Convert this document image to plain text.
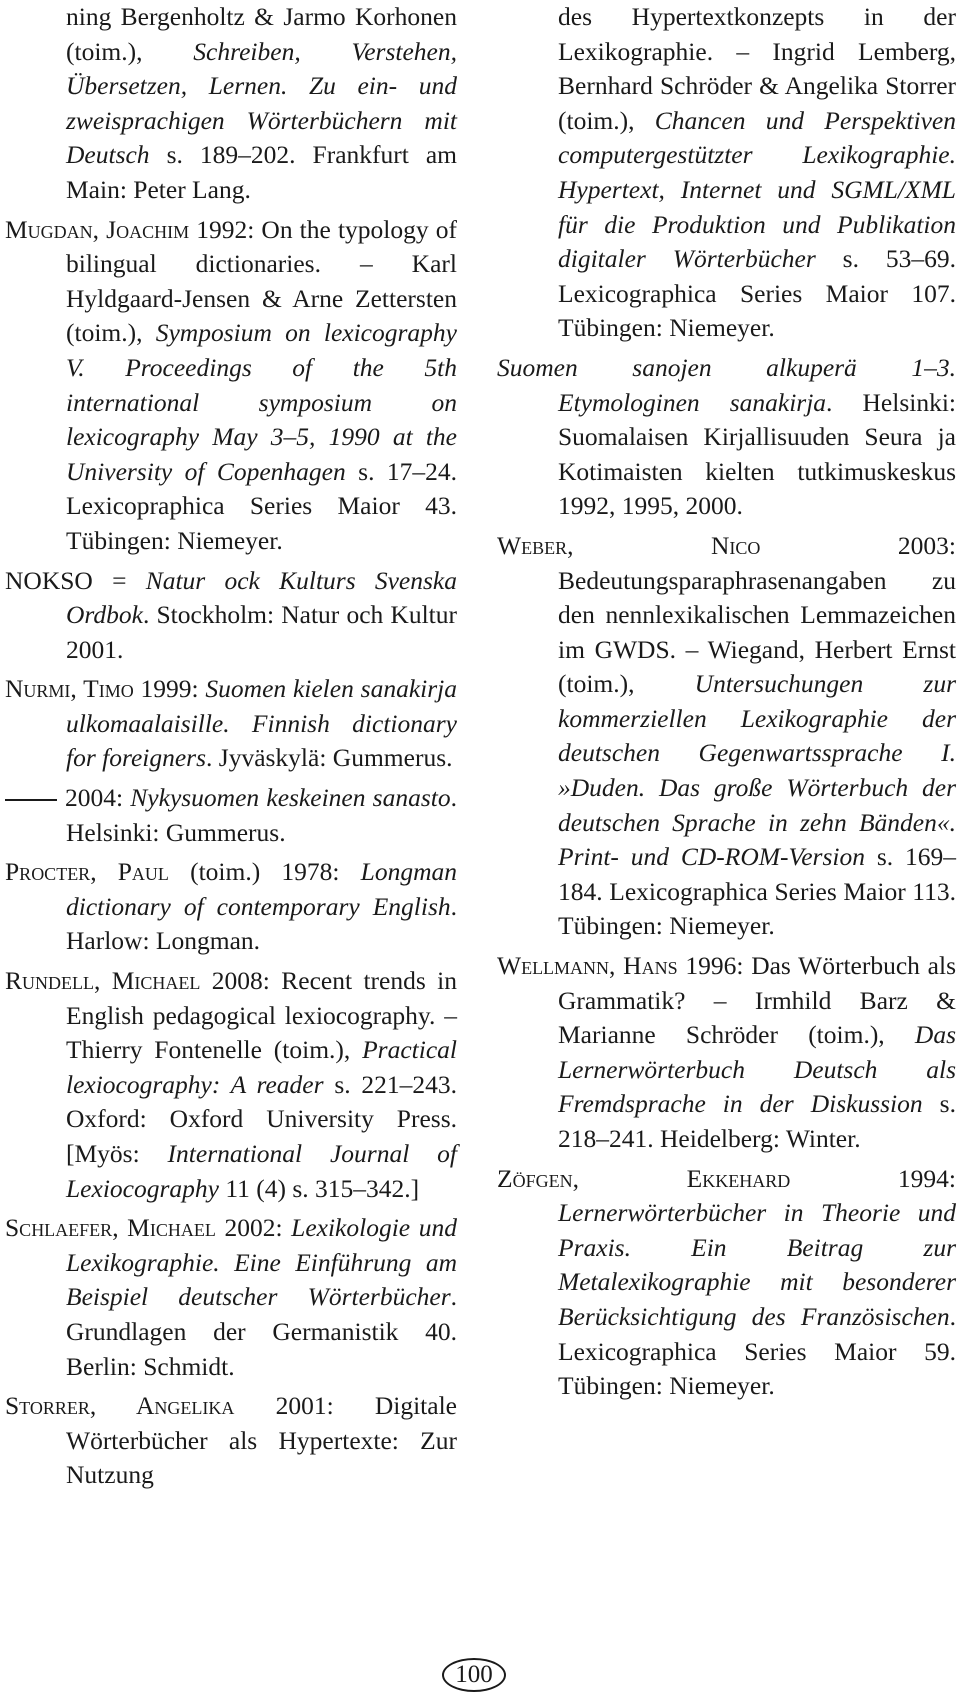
ning Bergenholtz & Jarmo Korhonen (toim.), Schreiben, Verstehen, Übersetzen, Lernen. Zu ein- und zweisprachigen Wörterbüchern mit Deutsch s. 189–202. Frankfurt am Main: Peter Lang.

Mugdan, Joachim 1992: On the typology of bilingual dictionaries. – Karl Hyldgaard-Jensen & Arne Zettersten (toim.), Symposium on lexicography V. Proceedings of the 5th international symposium on lexicography May 3–5, 1990 at the University of Copenhagen s. 17–24. Lexicopraphica Series Maior 43. Tübingen: Niemeyer.

NOKSO = Natur ock Kulturs Svenska Ordbok. Stockholm: Natur och Kultur 2001.

Nurmi, Timo 1999: Suomen kielen sanakirja ulkomaalaisille. Finnish dictionary for foreigners. Jyväskylä: Gummerus.

2004: Nykysuomen keskeinen sanasto. Helsinki: Gummerus.

Procter, Paul (toim.) 1978: Longman dictionary of contemporary English. Harlow: Longman.

Rundell, Michael 2008: Recent trends in English pedagogical lexiocography. – Thierry Fontenelle (toim.), Practical lexiocography: A reader s. 221–243. Oxford: Oxford University Press. [Myös: International Journal of Lexiocography 11 (4) s. 315–342.]

Schlaefer, Michael 2002: Lexikologie und Lexikographie. Eine Einführung am Beispiel deutscher Wörterbücher. Grundlagen der Germanistik 40. Berlin: Schmidt.

Storrer, Angelika 2001: Digitale Wörterbücher als Hypertexte: Zur Nutzung

des Hypertextkonzepts in der Lexikographie. – Ingrid Lemberg, Bernhard Schröder & Angelika Storrer (toim.), Chancen und Perspektiven computergestützter Lexikographie. Hypertext, Internet und SGML/XML für die Produktion und Publikation digitaler Wörterbücher s. 53–69. Lexicographica Series Maior 107. Tübingen: Niemeyer.

Suomen sanojen alkuperä 1–3. Etymologinen sanakirja. Helsinki: Suomalaisen Kirjallisuuden Seura ja Kotimaisten kielten tutkimuskeskus 1992, 1995, 2000.

Weber, Nico 2003: Bedeutungsparaphrasenangaben zu den nennlexikalischen Lemmazeichen im GWDS. – Wiegand, Herbert Ernst (toim.), Untersuchungen zur kommerziellen Lexikographie der deutschen Gegenwartssprache I. »Duden. Das große Wörterbuch der deutschen Sprache in zehn Bänden«. Print- und CD-ROM-Version s. 169–184. Lexicographica Series Maior 113. Tübingen: Niemeyer.

Wellmann, Hans 1996: Das Wörterbuch als Grammatik? – Irmhild Barz & Marianne Schröder (toim.), Das Lernerwörterbuch Deutsch als Fremdsprache in der Diskussion s. 218–241. Heidelberg: Winter.

Zöfgen, Ekkehard 1994: Lernerwörterbücher in Theorie und Praxis. Ein Beitrag zur Metalexikographie mit besonderer Berücksichtigung des Französischen. Lexicographica Series Maior 59. Tübingen: Niemeyer.

100
